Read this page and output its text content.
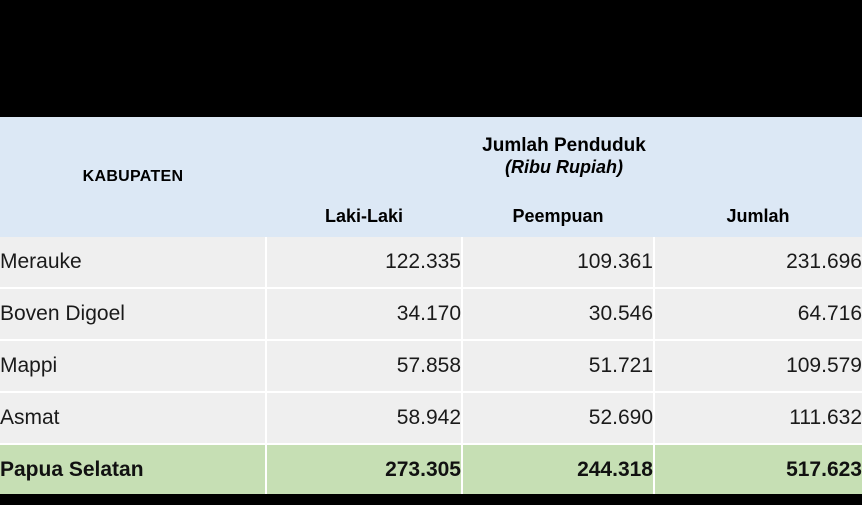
KABUPATEN	Jumlah Penduduk
(Ribu Rupiah)		

	Laki-Laki	Peempuan	Jumlah
Merauke	122.335	109.361	231.696
Boven Digoel	34.170	30.546	64.716
Mappi	57.858	51.721	109.579
Asmat	58.942	52.690	111.632
Papua Selatan	273.305	244.318	517.623
